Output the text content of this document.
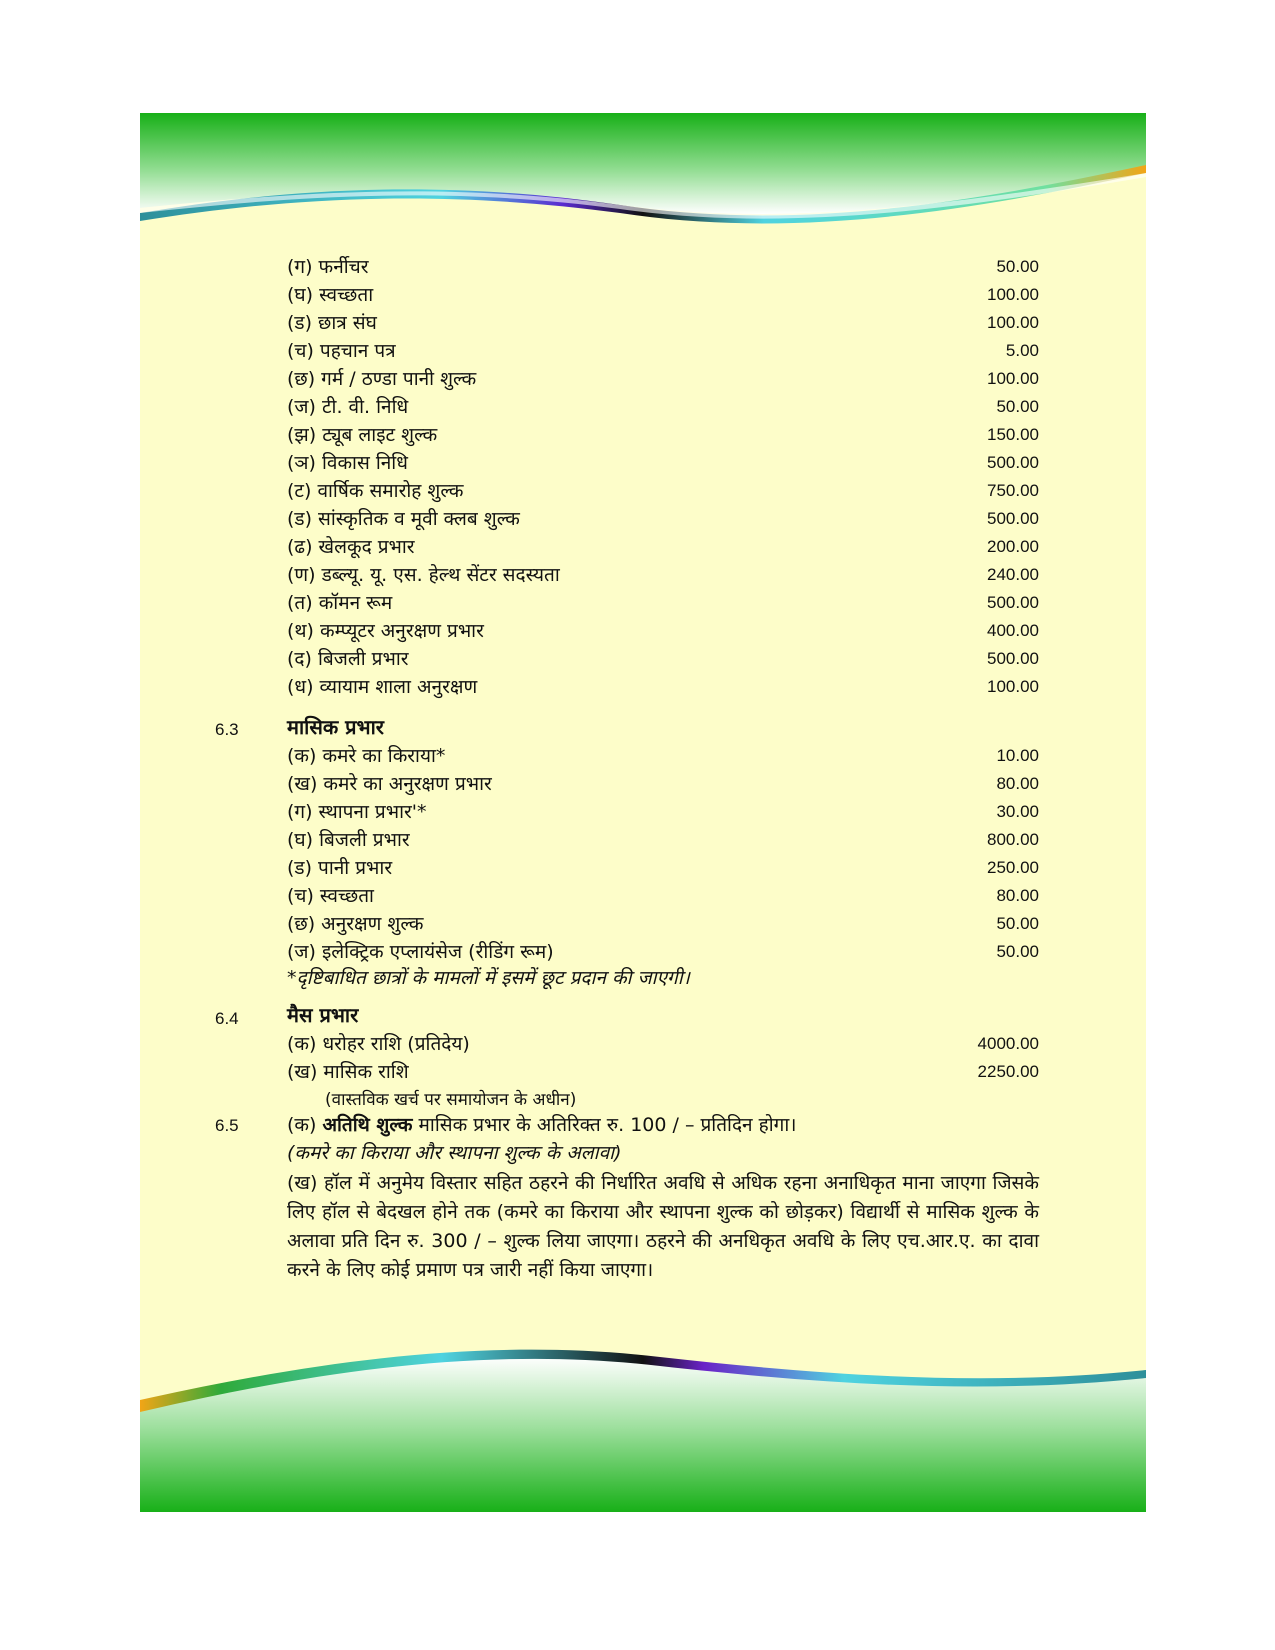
(ग) फर्नीचर	50.00
(घ) स्वच्छता	100.00
(ड) छात्र संघ	100.00
(च) पहचान पत्र	5.00
(छ) गर्म / ठण्डा पानी शुल्क	100.00
(ज) टी. वी. निधि	50.00
(झ) ट्यूब लाइट शुल्क	150.00
(ञ) विकास निधि	500.00
(ट) वार्षिक समारोह शुल्क	750.00
(ड) सांस्कृतिक व मूवी क्लब शुल्क	500.00
(ढ) खेलकूद प्रभार	200.00
(ण) डब्ल्यू. यू. एस. हेल्थ सेंटर सदस्यता	240.00
(त) कॉमन रूम	500.00
(थ) कम्प्यूटर अनुरक्षण प्रभार	400.00
(द) बिजली प्रभार	500.00
(ध) व्यायाम शाला अनुरक्षण	100.00
6.3 मासिक प्रभार
(क) कमरे का किराया*	10.00
(ख) कमरे का अनुरक्षण प्रभार	80.00
(ग) स्थापना प्रभार'*	30.00
(घ) बिजली प्रभार	800.00
(ड) पानी प्रभार	250.00
(च) स्वच्छता	80.00
(छ) अनुरक्षण शुल्क	50.00
(ज) इलेक्ट्रिक एप्लायंसेज (रीडिंग रूम)	50.00
*दृष्टिबाधित छात्रों के मामलों में इसमें छूट प्रदान की जाएगी।
6.4 मैस प्रभार
(क) धरोहर राशि (प्रतिदेय)	4000.00
(ख) मासिक राशि	2250.00
(वास्तविक खर्च पर समायोजन के अधीन)
6.5	(क) अतिथि शुल्क मासिक प्रभार के अतिरिक्त रु. 100 / – प्रतिदिन होगा।
(कमरे का किराया और स्थापना शुल्क के अलावा)
(ख) हॉल में अनुमेय विस्तार सहित ठहरने की निर्धारित अवधि से अधिक रहना अनाधिकृत माना जाएगा जिसके लिए हॉल से बेदखल होने तक (कमरे का किराया और स्थापना शुल्क को छोड़कर) विद्यार्थी से मासिक शुल्क के अलावा प्रति दिन रु. 300 / – शुल्क लिया जाएगा। ठहरने की अनधिकृत अवधि के लिए एच.आर.ए. का दावा करने के लिए कोई प्रमाण पत्र जारी नहीं किया जाएगा।
